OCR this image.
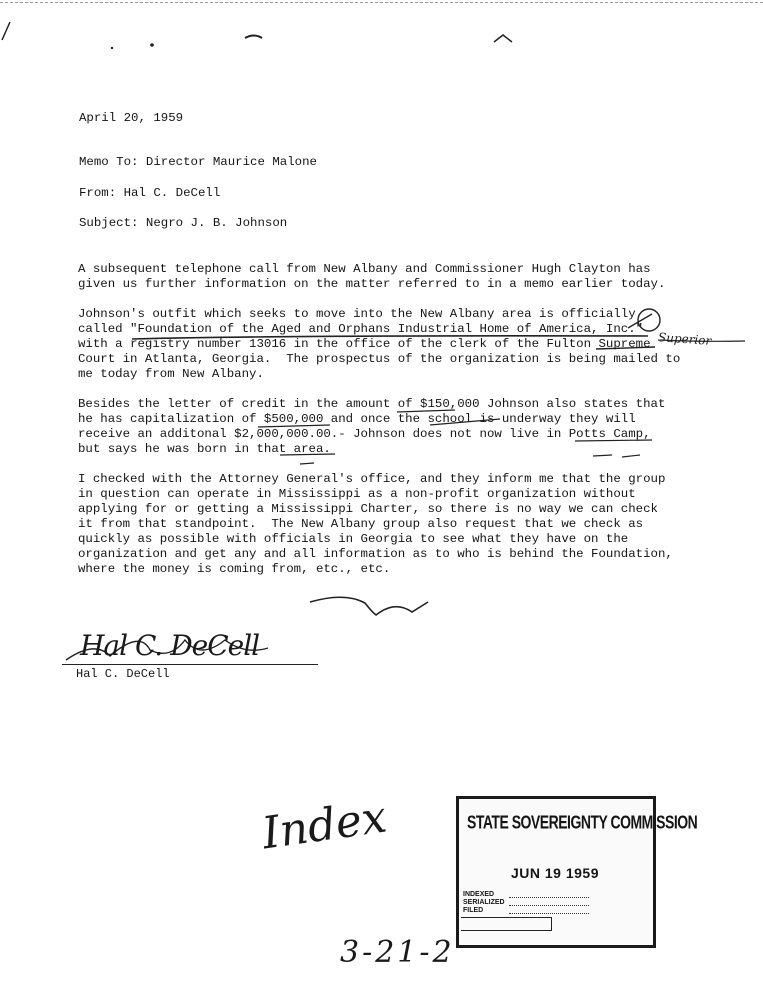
April 20, 1959

Memo To: Director Maurice Malone

From: Hal C. DeCell

Subject: Negro J. B. Johnson

A subsequent telephone call from New Albany and Commissioner Hugh Clayton has
given us further information on the matter referred to in a memo earlier today.
Johnson's outfit which seeks to move into the New Albany area is officially
called "Foundation of the Aged and Orphans Industrial Home of America, Inc."
with a registry number 13016 in the office of the clerk of the Fulton Supreme
Court in Atlanta, Georgia.  The prospectus of the organization is being mailed to
me today from New Albany.
Besides the letter of credit in the amount of $150,000 Johnson also states that
he has capitalization of $500,000 and once the school is underway they will
receive an additonal $2,000,000.00.- Johnson does not now live in Potts Camp,
but says he was born in that area.
I checked with the Attorney General's office, and they inform me that the group
in question can operate in Mississippi as a non-profit organization without
applying for or getting a Mississippi Charter, so there is no way we can check
it from that standpoint.  The New Albany group also request that we check as
quickly as possible with officials in Georgia to see what they have on the
organization and get any and all information as to who is behind the Foundation,
where the money is coming from, etc., etc.

Superior

Hal C. DeCell

Hal C. DeCell

Index

3-21-2

STATE SOVEREIGNTY COMMISSION

JUN 19 1959

INDEXED
SERIALIZED
FILED
